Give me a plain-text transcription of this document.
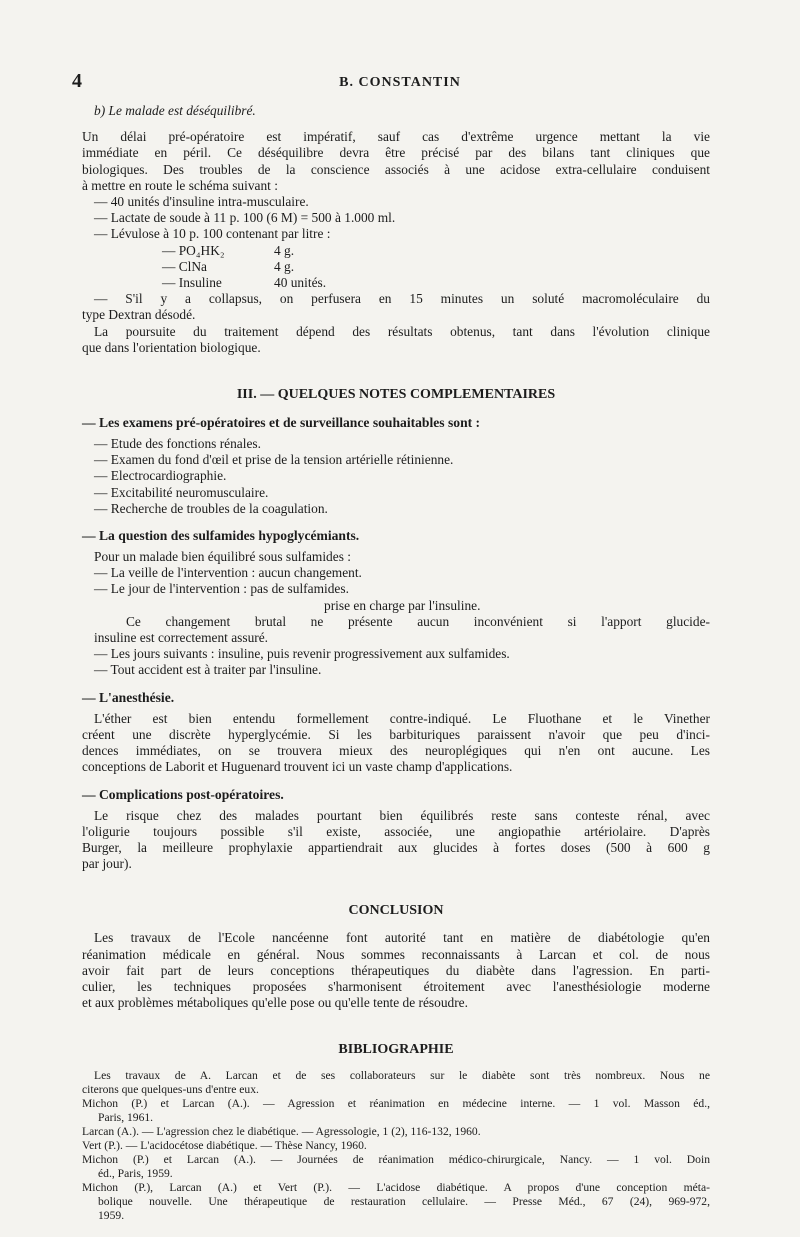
4	B. CONSTANTIN
b) Le malade est déséquilibré.
Un délai pré-opératoire est impératif, sauf cas d'extrême urgence mettant la vie
immédiate en péril. Ce déséquilibre devra être précisé par des bilans tant cliniques que
biologiques. Des troubles de la conscience associés à une acidose extra-cellulaire conduisent
à mettre en route le schéma suivant :
— 40 unités d'insuline intra-musculaire.
— Lactate de soude à 11 p. 100 (6 M) = 500 à 1.000 ml.
— Lévulose à 10 p. 100 contenant par litre :
— PO₄HK₂	4 g.
— ClNa	4 g.
— Insuline	40 unités.
— S'il y a collapsus, on perfusera en 15 minutes un soluté macromoléculaire du
type Dextran désodé.
La poursuite du traitement dépend des résultats obtenus, tant dans l'évolution clinique
que dans l'orientation biologique.
III. — QUELQUES NOTES COMPLEMENTAIRES
— Les examens pré-opératoires et de surveillance souhaitables sont :
— Etude des fonctions rénales.
— Examen du fond d'œil et prise de la tension artérielle rétinienne.
— Electrocardiographie.
— Excitabilité neuromusculaire.
— Recherche de troubles de la coagulation.
— La question des sulfamides hypoglycémiants.
Pour un malade bien équilibré sous sulfamides :
— La veille de l'intervention : aucun changement.
— Le jour de l'intervention : pas de sulfamides.
prise en charge par l'insuline.
Ce changement brutal ne présente aucun inconvénient si l'apport glucide-
insuline est correctement assuré.
— Les jours suivants : insuline, puis revenir progressivement aux sulfamides.
— Tout accident est à traiter par l'insuline.
— L'anesthésie.
L'éther est bien entendu formellement contre-indiqué. Le Fluothane et le Vinether
créent une discrète hyperglycémie. Si les barbituriques paraissent n'avoir que peu d'inci-
dences immédiates, on se trouvera mieux des neuroplégiques qui n'en ont aucune. Les
conceptions de Laborit et Huguenard trouvent ici un vaste champ d'applications.
— Complications post-opératoires.
Le risque chez des malades pourtant bien équilibrés reste sans conteste rénal, avec
l'oligurie toujours possible s'il existe, associée, une angiopathie artériolaire. D'après
Burger, la meilleure prophylaxie appartiendrait aux glucides à fortes doses (500 à 600 g
par jour).
CONCLUSION
Les travaux de l'Ecole nancéenne font autorité tant en matière de diabétologie qu'en
réanimation médicale en général. Nous sommes reconnaissants à Larcan et col. de nous
avoir fait part de leurs conceptions thérapeutiques du diabète dans l'agression. En parti-
culier, les techniques proposées s'harmonisent étroitement avec l'anesthésiologie moderne
et aux problèmes métaboliques qu'elle pose ou qu'elle tente de résoudre.
BIBLIOGRAPHIE
Les travaux de A. Larcan et de ses collaborateurs sur le diabète sont très nombreux. Nous ne
citerons que quelques-uns d'entre eux.
Michon (P.) et Larcan (A.). — Agression et réanimation en médecine interne. — 1 vol. Masson éd.,
Paris, 1961.
Larcan (A.). — L'agression chez le diabétique. — Agressologie, 1 (2), 116-132, 1960.
Vert (P.). — L'acidocétose diabétique. — Thèse Nancy, 1960.
Michon (P.) et Larcan (A.). — Journées de réanimation médico-chirurgicale, Nancy. — 1 vol. Doin
éd., Paris, 1959.
Michon (P.), Larcan (A.) et Vert (P.). — L'acidose diabétique. A propos d'une conception méta-
bolique nouvelle. Une thérapeutique de restauration cellulaire. — Presse Méd., 67 (24), 969-972,
1959.
